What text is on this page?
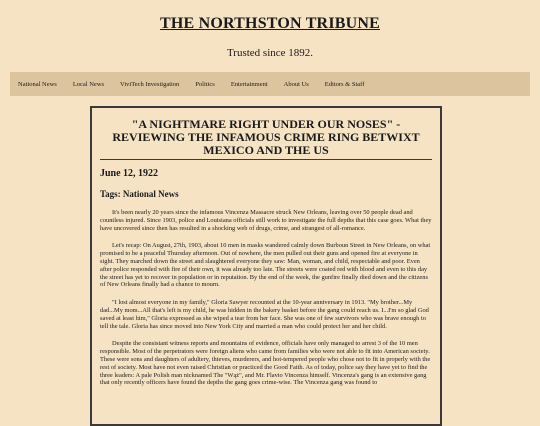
THE NORTHSTON TRIBUNE
Trusted since 1892.
National News	Local News	ViviTech Investigation	Politics	Entertainment	About Us	Editors & Staff
"A NIGHTMARE RIGHT UNDER OUR NOSES" - REVIEWING THE INFAMOUS CRIME RING BETWIXT MEXICO AND THE US
June 12, 1922
Tags: National News

It's been nearly 20 years since the infamous Vincenza Massacre struck New Orleans, leaving over 50 people dead and countless injured. Since 1903, police and Louisiana officials still work to investigate the full depths that this case goes. What they have uncovered since then has resulted in a shocking web of drugs, crime, and strangest of all-romance.

Let's recap: On August, 27th, 1903, about 10 men in masks wandered calmly down Burboun Street in New Orleans, on what promised to be a peaceful Thursday afternoon. Out of nowhere, the men pulled out their guns and opened fire at everyone in sight. They marched down the street and slaughtered everyone they saw: Man, woman, and child, respectable and poor. Even after police responded with fire of their own, it was already too late. The streets were coated red with blood and even to this day the street has yet to recover in population or in reputation. By the end of the week, the gunfire finally died down and the citizens of New Orleans finally had a chance to mourn.

"I lost almost everyone in my family," Gloria Sawyer recounted at the 10-year anniversary in 1913. "My brother...My dad...My mom...All that's left is my child, he was hidden in the bakery basket before the gang could reach us. I...I'm so glad God saved at least him," Gloria expressed as she wiped a tear from her face. She was one of few survivors who was brave enough to tell the tale. Gloria has since moved into New York City and married a man who could protect her and her child.

Despite the consistant witness reports and mountains of evidence, officials have only managed to arrest 3 of the 10 men responsible. Most of the perpetrators were foreign aliens who came from families who were not able to fit into American society. These were sons and daughters of adultery, thieves, murderers, and hot-tempered people who chose not to fit in properly with the rest of society. Most have not even raised Christian or practiced the Good Faith. As of today, police say they have yet to find the three leaders: A pale Polish man nicknamed The "Wąż", and Mr. Flavio Vincenza himself. Vincenza's gang is an extensive gang that only recently officers have found the depths the gang goes crime-wise. The Vincenza gang was found to
